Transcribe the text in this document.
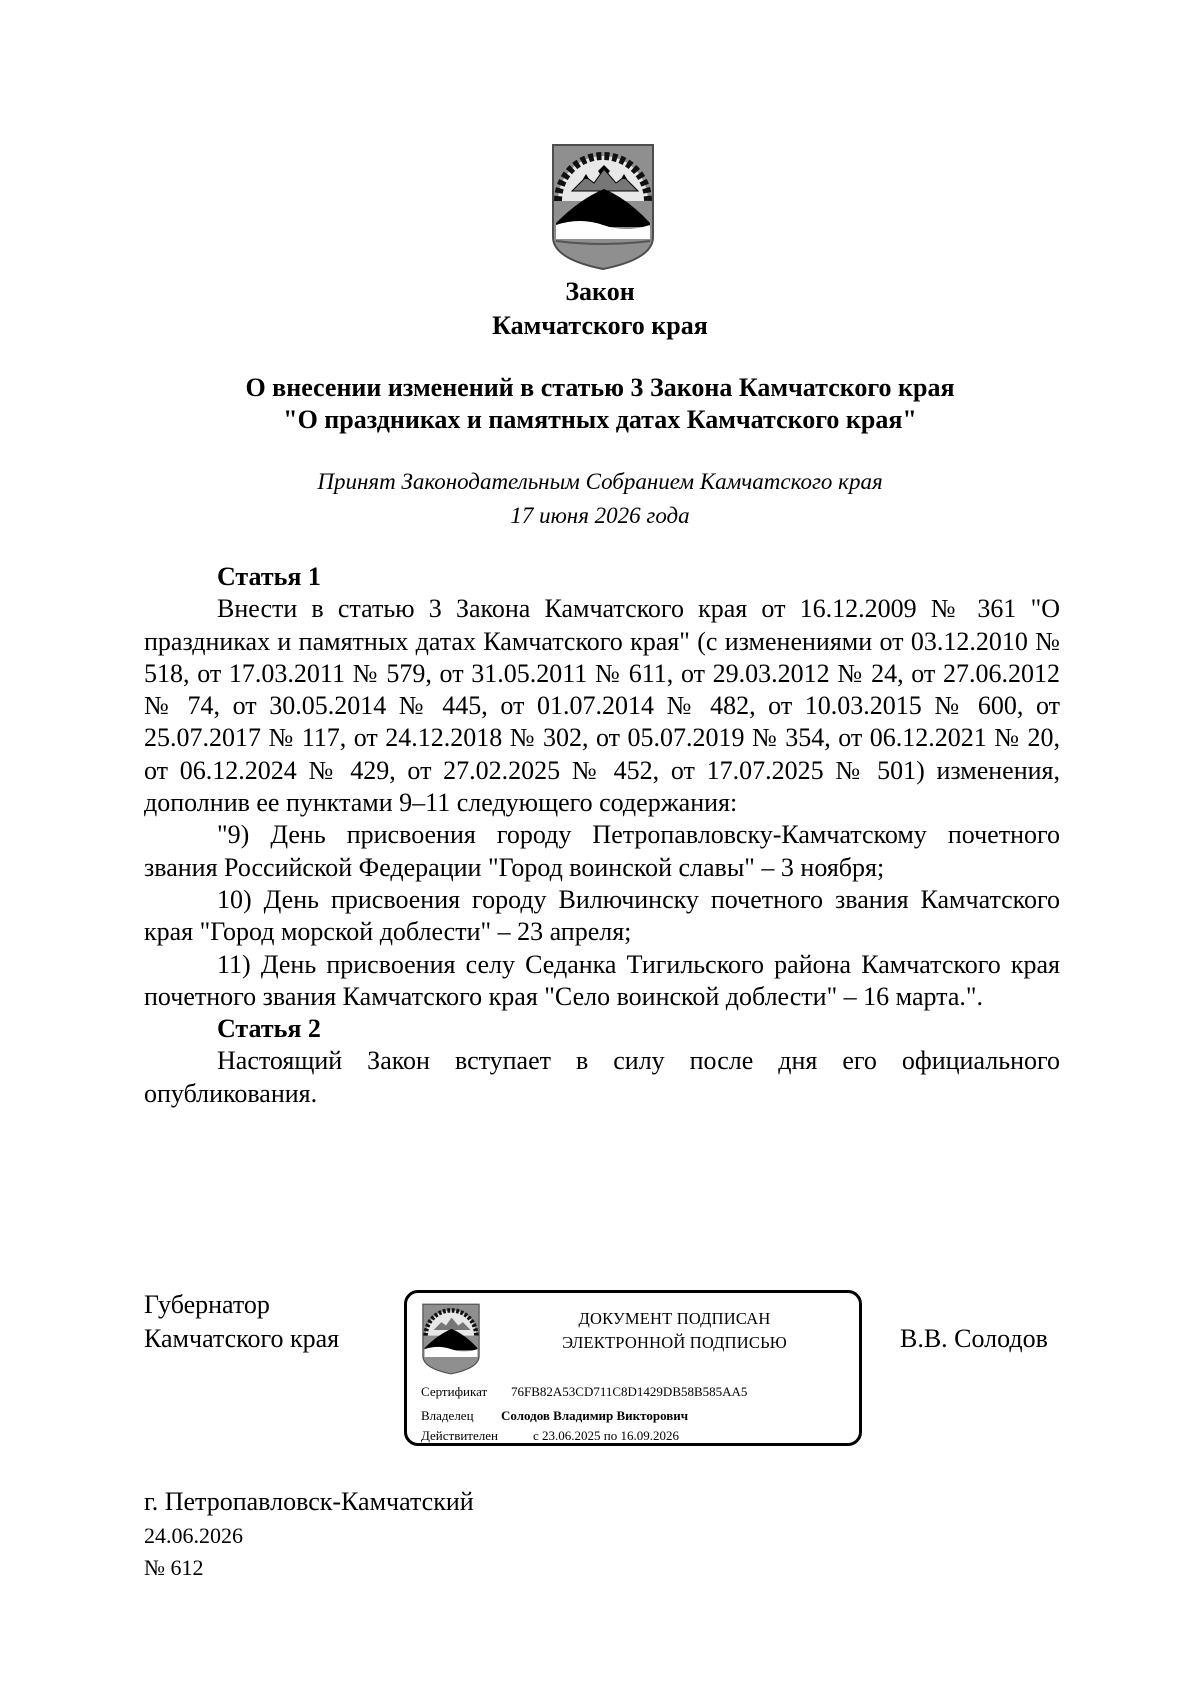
Закон
Камчатского края
О внесении изменений в статью 3 Закона Камчатского края
"О праздниках и памятных датах Камчатского края"
Принят Законодательным Собранием Камчатского края
17 июня 2026 года

Статья 1

Внести в статью 3 Закона Камчатского края от 16.12.2009 № 361 "О праздниках и памятных датах Камчатского края" (с изменениями от 03.12.2010 № 518, от 17.03.2011 № 579, от 31.05.2011 № 611, от 29.03.2012 № 24, от 27.06.2012 № 74, от 30.05.2014 № 445, от 01.07.2014 № 482, от 10.03.2015 № 600, от 25.07.2017 № 117, от 24.12.2018 № 302, от 05.07.2019 № 354, от 06.12.2021 № 20, от 06.12.2024 № 429, от 27.02.2025 № 452, от 17.07.2025 № 501) изменения, дополнив ее пунктами 9–11 следующего содержания:

"9) День присвоения городу Петропавловску-Камчатскому почетного звания Российской Федерации "Город воинской славы" – 3 ноября;

10) День присвоения городу Вилючинску почетного звания Камчатского края "Город морской доблести" – 23 апреля;

11) День присвоения селу Седанка Тигильского района Камчатского края почетного звания Камчатского края "Село воинской доблести" – 16 марта.".

Статья 2

Настоящий Закон вступает в силу после дня его официального опубликования.

Губернатор
Камчатского края
ДОКУМЕНТ ПОДПИСАН
ЭЛЕКТРОННОЙ ПОДПИСЬЮ
Сертификат 76FB82A53CD711C8D1429DB58B585AA5
Владелец Солодов Владимир Викторович
Действителен	с 23.06.2025 по 16.09.2026
В.В. Солодов
г. Петропавловск-Камчатский
24.06.2026
№ 612
